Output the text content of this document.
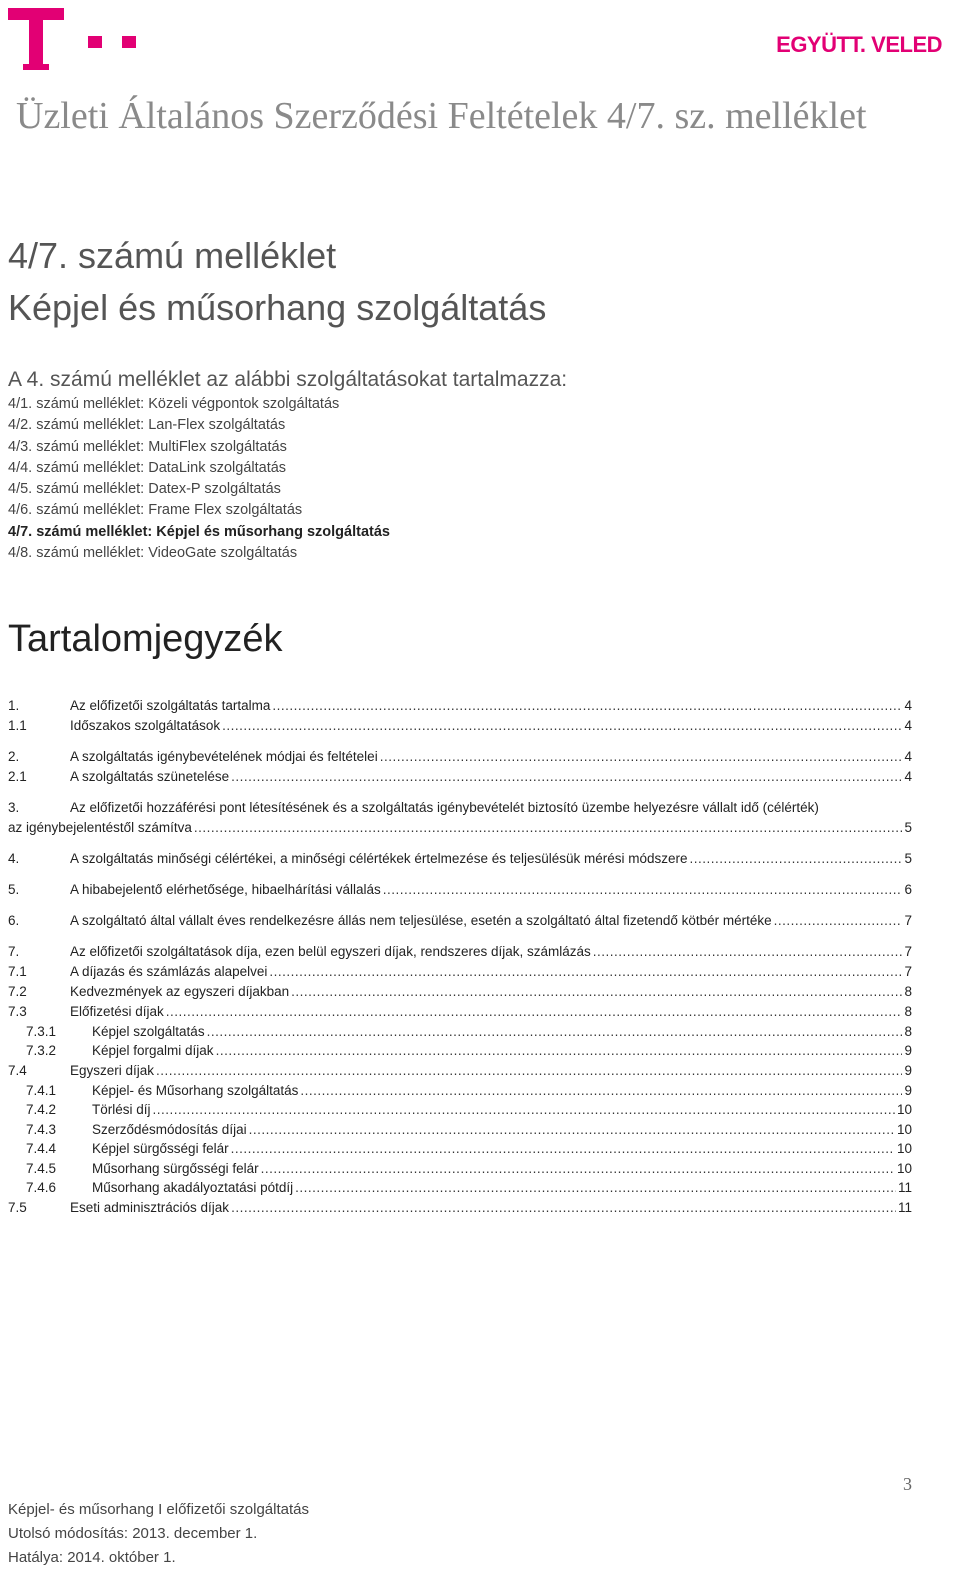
EGYÜTT. VELED
Üzleti Általános Szerződési Feltételek 4/7. sz. melléklet
4/7. számú melléklet
Képjel és műsorhang szolgáltatás
A 4. számú melléklet az alábbi szolgáltatásokat tartalmazza:
4/1. számú melléklet: Közeli végpontok szolgáltatás
4/2. számú melléklet: Lan-Flex szolgáltatás
4/3. számú melléklet: MultiFlex szolgáltatás
4/4. számú melléklet: DataLink szolgáltatás
4/5. számú melléklet: Datex-P szolgáltatás
4/6. számú melléklet: Frame Flex szolgáltatás
4/7. számú melléklet: Képjel és műsorhang szolgáltatás
4/8. számú melléklet: VideoGate szolgáltatás
Tartalomjegyzék
1.	Az előfizetői szolgáltatás tartalma .....	4
1.1	Időszakos szolgáltatások .....	4
2.	A szolgáltatás igénybevételének módjai és feltételei .....	4
2.1	A szolgáltatás szünetelése .....	4
3.	Az előfizetői hozzáférési pont létesítésének és a szolgáltatás igénybevételét biztosító üzembe helyezésre vállalt idő (célérték)
az igénybejelentéstől számítva .....	5
4.	A szolgáltatás minőségi célértékei, a minőségi célértékek értelmezése és teljesülésük mérési módszere .....	5
5.	A hibabejelentő elérhetősége, hibaelhárítási vállalás .....	6
6.	A szolgáltató által vállalt éves rendelkezésre állás nem teljesülése, esetén a szolgáltató által fizetendő kötbér mértéke .....	7
7.	Az előfizetői szolgáltatások díja, ezen belül egyszeri díjak, rendszeres díjak, számlázás .....	7
7.1	A díjazás és számlázás alapelvei .....	7
7.2	Kedvezmények az egyszeri díjakban .....	8
7.3	Előfizetési díjak .....	8
7.3.1	Képjel szolgáltatás .....	8
7.3.2	Képjel forgalmi díjak .....	9
7.4	Egyszeri díjak .....	9
7.4.1	Képjel- és Műsorhang szolgáltatás .....	9
7.4.2	Törlési díj .....	10
7.4.3	Szerződésmódosítás díjai .....	10
7.4.4	Képjel sürgősségi felár .....	10
7.4.5	Műsorhang sürgősségi felár .....	10
7.4.6	Műsorhang akadályoztatási pótdíj .....	11
7.5	Eseti adminisztrációs díjak .....	11
3
Képjel- és műsorhang I előfizetői szolgáltatás
Utolsó módosítás: 2013. december 1.
Hatálya: 2014. október 1.
